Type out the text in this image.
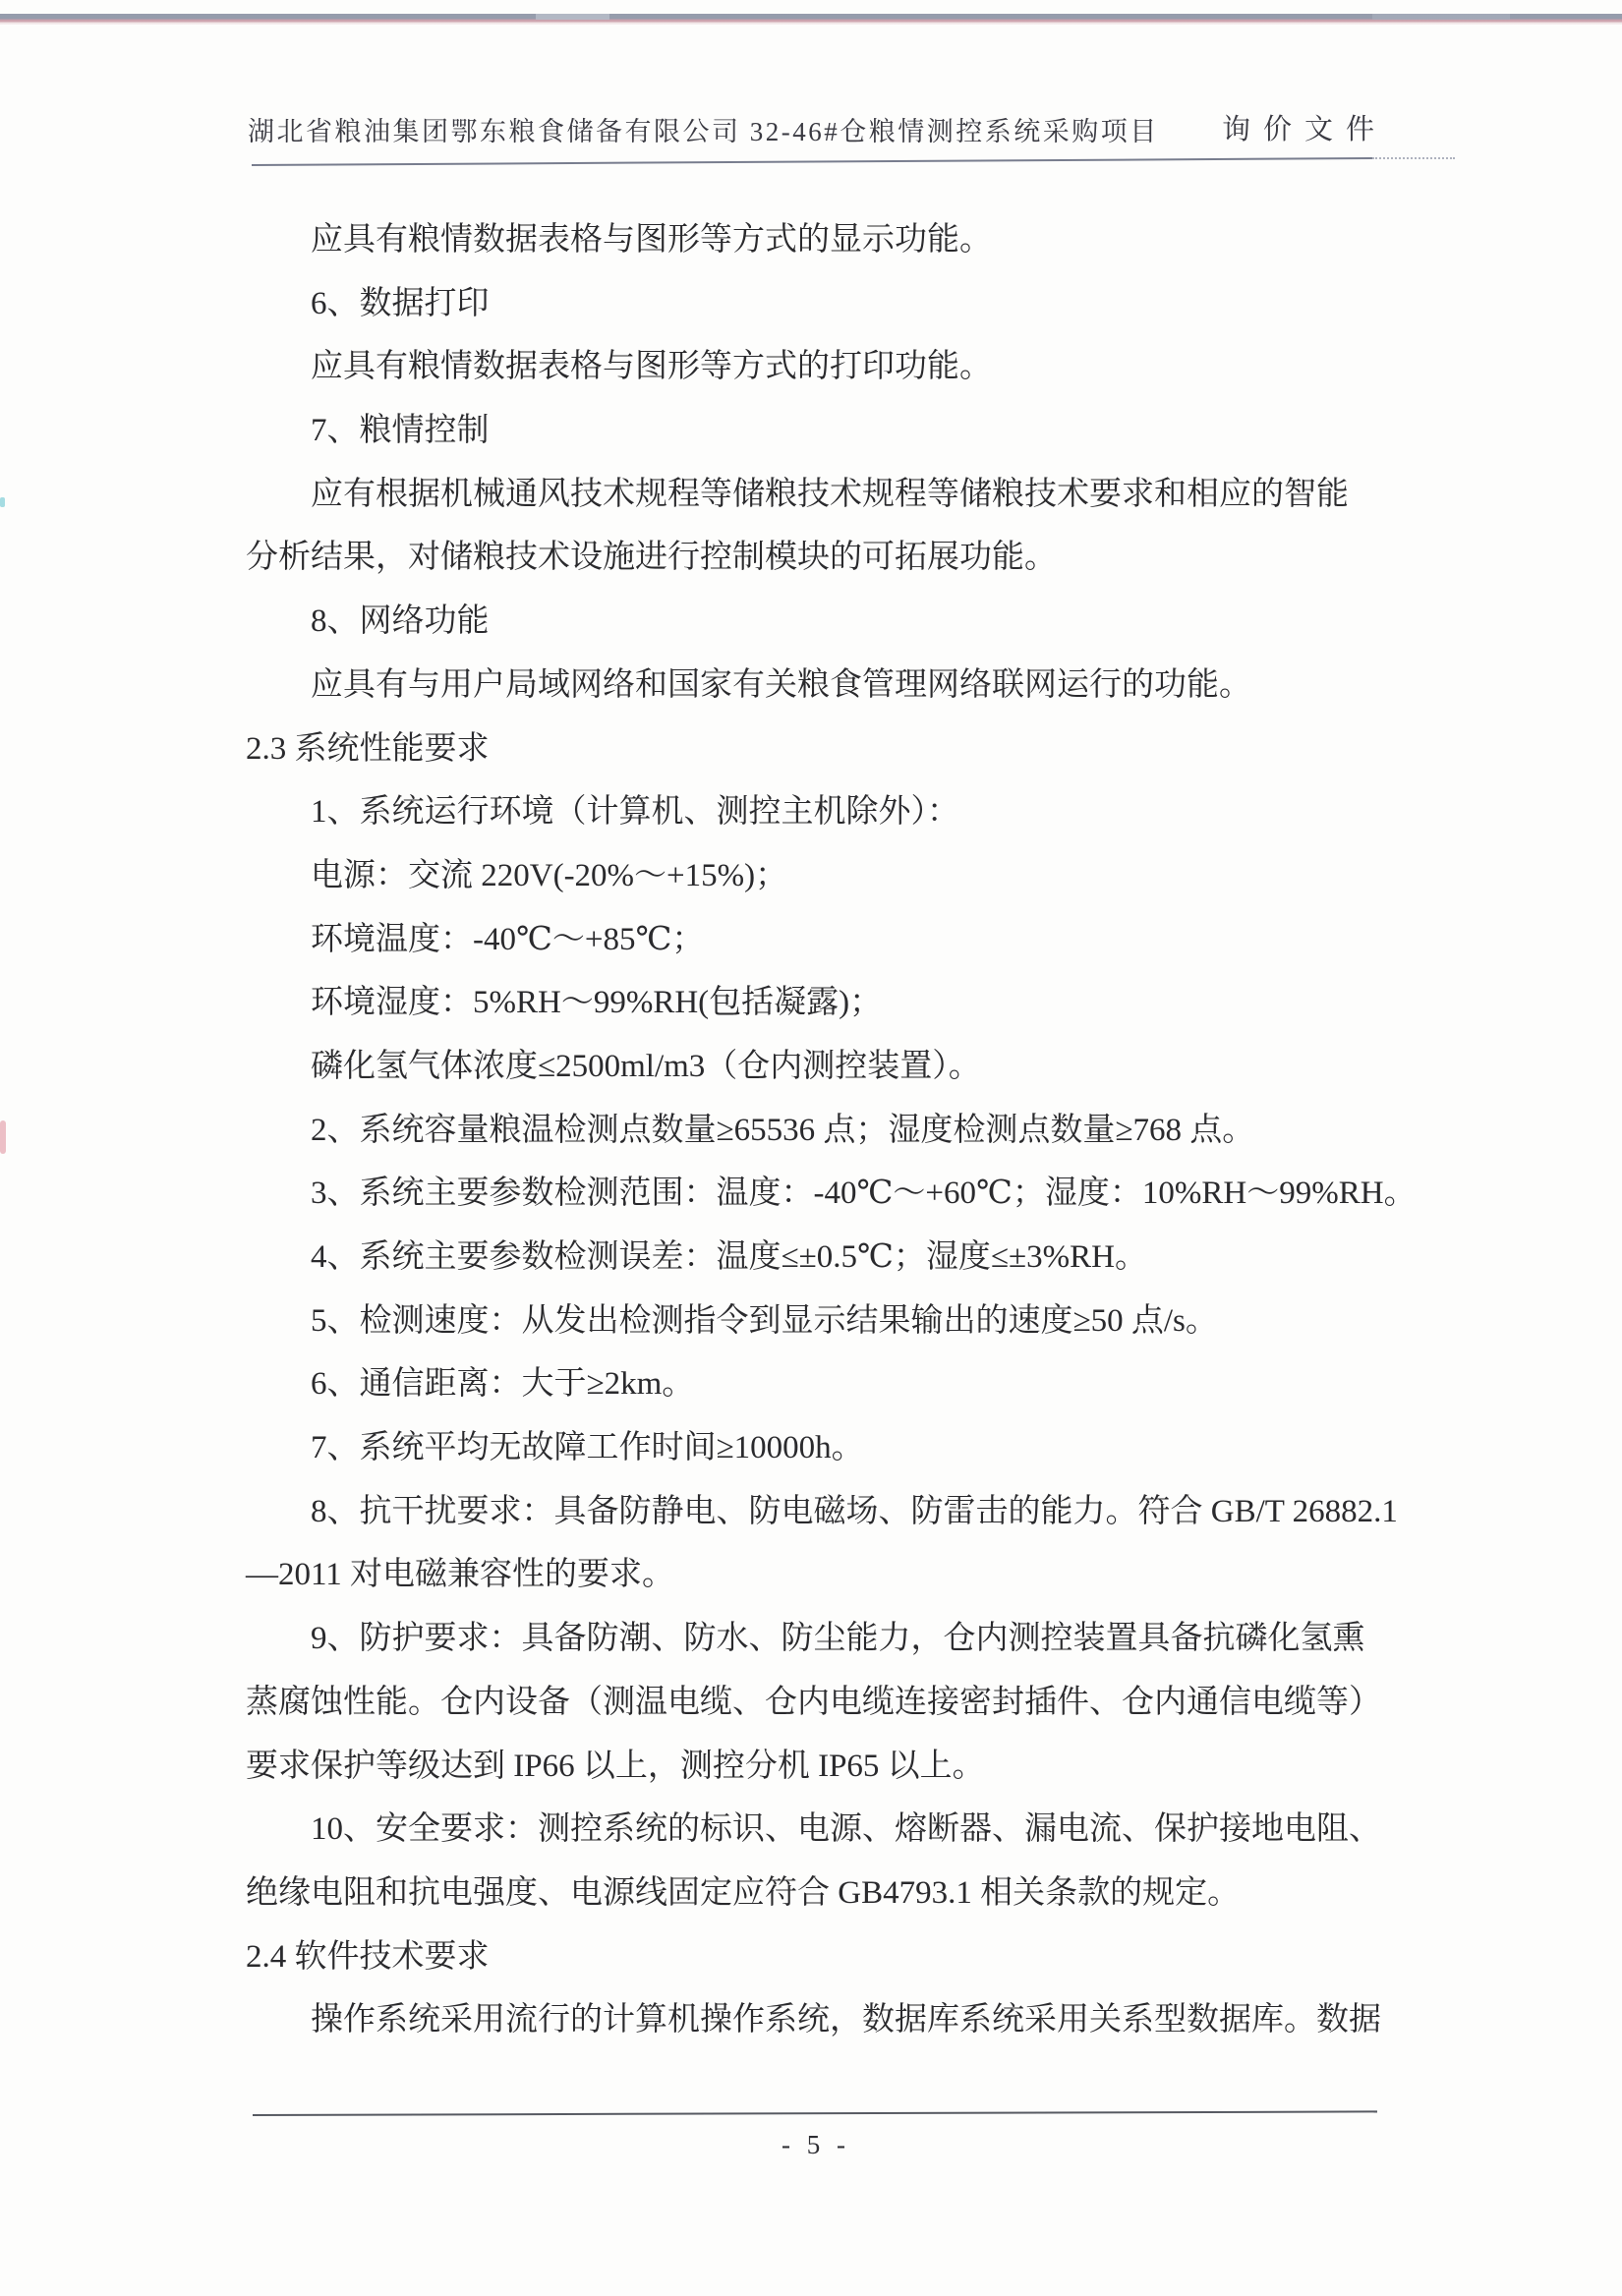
湖北省粮油集团鄂东粮食储备有限公司 32-46#仓粮情测控系统采购项目 询价文件
应具有粮情数据表格与图形等方式的显示功能。
6、数据打印
应具有粮情数据表格与图形等方式的打印功能。
7、粮情控制
应有根据机械通风技术规程等储粮技术规程等储粮技术要求和相应的智能
分析结果，对储粮技术设施进行控制模块的可拓展功能。
8、网络功能
应具有与用户局域网络和国家有关粮食管理网络联网运行的功能。
2.3 系统性能要求
1、系统运行环境（计算机、测控主机除外）：
电源：交流 220V(-20%～+15%)；
环境温度：-40℃～+85℃；
环境湿度：5%RH～99%RH(包括凝露)；
磷化氢气体浓度≤2500ml/m3（仓内测控装置）。
2、系统容量粮温检测点数量≥65536 点；湿度检测点数量≥768 点。
3、系统主要参数检测范围：温度：-40℃～+60℃；湿度：10%RH～99%RH。
4、系统主要参数检测误差：温度≤±0.5℃；湿度≤±3%RH。
5、检测速度：从发出检测指令到显示结果输出的速度≥50 点/s。
6、通信距离：大于≥2km。
7、系统平均无故障工作时间≥10000h。
8、抗干扰要求：具备防静电、防电磁场、防雷击的能力。符合 GB/T 26882.1
—2011 对电磁兼容性的要求。
9、防护要求：具备防潮、防水、防尘能力，仓内测控装置具备抗磷化氢熏
蒸腐蚀性能。仓内设备（测温电缆、仓内电缆连接密封插件、仓内通信电缆等）
要求保护等级达到 IP66 以上，测控分机 IP65 以上。
10、安全要求：测控系统的标识、电源、熔断器、漏电流、保护接地电阻、
绝缘电阻和抗电强度、电源线固定应符合 GB4793.1 相关条款的规定。
2.4 软件技术要求
操作系统采用流行的计算机操作系统，数据库系统采用关系型数据库。数据
- 5 -
